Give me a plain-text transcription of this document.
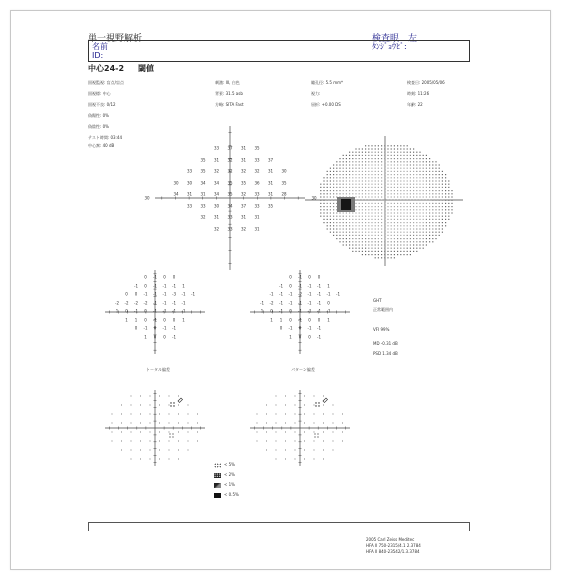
単一視野解析	検査眼 左
名前
ID:
ﾀﾝｼﾞｮｳﾋﾞ:
中心24-2 閾値
固視監視: 盲点/盲点
固視標: 中心
固視不良: 0/12
偽陽性: 0%
偽陰性: 0%
テスト時間: 03:44
刺激: III, 白色
背景: 31.5 asb
方略: SITA Fast
瞳孔径: 5.5 mm*
視力:
屈折: +0.00 DS
検査日: 2005/05/06
時刻: 11:26
年齢: 22
中心窩: 40 dB	33 37 31 35
35 31 32 31 33 37
33 35 32 32 32 32 31 30
30 30 34 34 35 35 36 31 35
34 31 31 34 35 32 33 31 28
33 33 30 34 37 33 35
32 31 33 31 31
32 33 32 31
30	30
0 -1 0 0
-1 0 -1 -1 -1 1
0 0 -1 -1 -1 -3 -1 -1
-2 -2 -2 -2 -1 -1 -1 -1
1 0 -1 0 -1 -1 -1 -1
1 1 0 -1 0 0 1
0 -1 0 -1 -1
1 0 0 -1
0 -1 0 0
-1 0 -1 -1 -1 1
-1 -1 -1 -2 -1 -1 -1 -1
-1 -2 -1 -1 -1 -1 -1 0
1 0 -1 0 -1 -1 -1 -1
1 1 0 -1 0 0 1
0 -1 0 -1 -1
1 0 0 -1
トータル偏差	パターン偏差
GHT
正常範囲内
VFI 99%
MD -0.31 dB
PSD 1.34 dB
< 5%
< 2%
< 1%
< 0.5%
2005 Carl Zeiss Meditec
HFA II 750-2315/4.1 2.3784
HFA II 840-23542/1.3.3784
